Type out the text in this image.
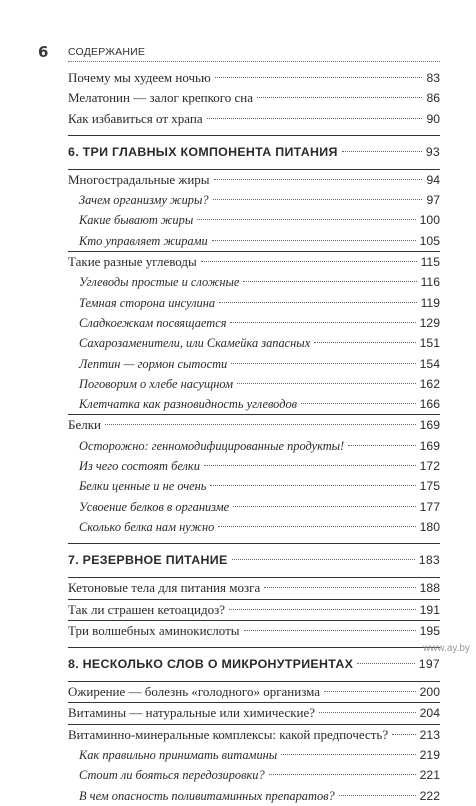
6 СОДЕРЖАНИЕ
Почему мы худеем ночью	83
Мелатонин — залог крепкого сна	86
Как избавиться от храпа	90
6. ТРИ ГЛАВНЫХ КОМПОНЕНТА ПИТАНИЯ	93
Многострадальные жиры	94
Зачем организму жиры?	97
Какие бывают жиры	100
Кто управляет жирами	105
Такие разные углеводы	115
Углеводы простые и сложные	116
Темная сторона инсулина	119
Сладкоежкам посвящается	129
Сахарозаменители, или Скамейка запасных	151
Лептин — гормон сытости	154
Поговорим о хлебе насущном	162
Клетчатка как разновидность углеводов	166
Белки	169
Осторожно: генномодифицированные продукты!	169
Из чего состоят белки	172
Белки ценные и не очень	175
Усвоение белков в организме	177
Сколько белка нам нужно	180
7. РЕЗЕРВНОЕ ПИТАНИЕ	183
Кетоновые тела для питания мозга	188
Так ли страшен кетоацидоз?	191
Три волшебных аминокислоты	195
8. НЕСКОЛЬКО СЛОВ О МИКРОНУТРИЕНТАХ	197
Ожирение — болезнь «голодного» организма	200
Витамины — натуральные или химические?	204
Витаминно-минеральные комплексы: какой предпочесть?	213
Как правильно принимать витамины	219
Стоит ли бояться передозировки?	221
В чем опасность поливитаминных препаратов?	222
www.ay.by
